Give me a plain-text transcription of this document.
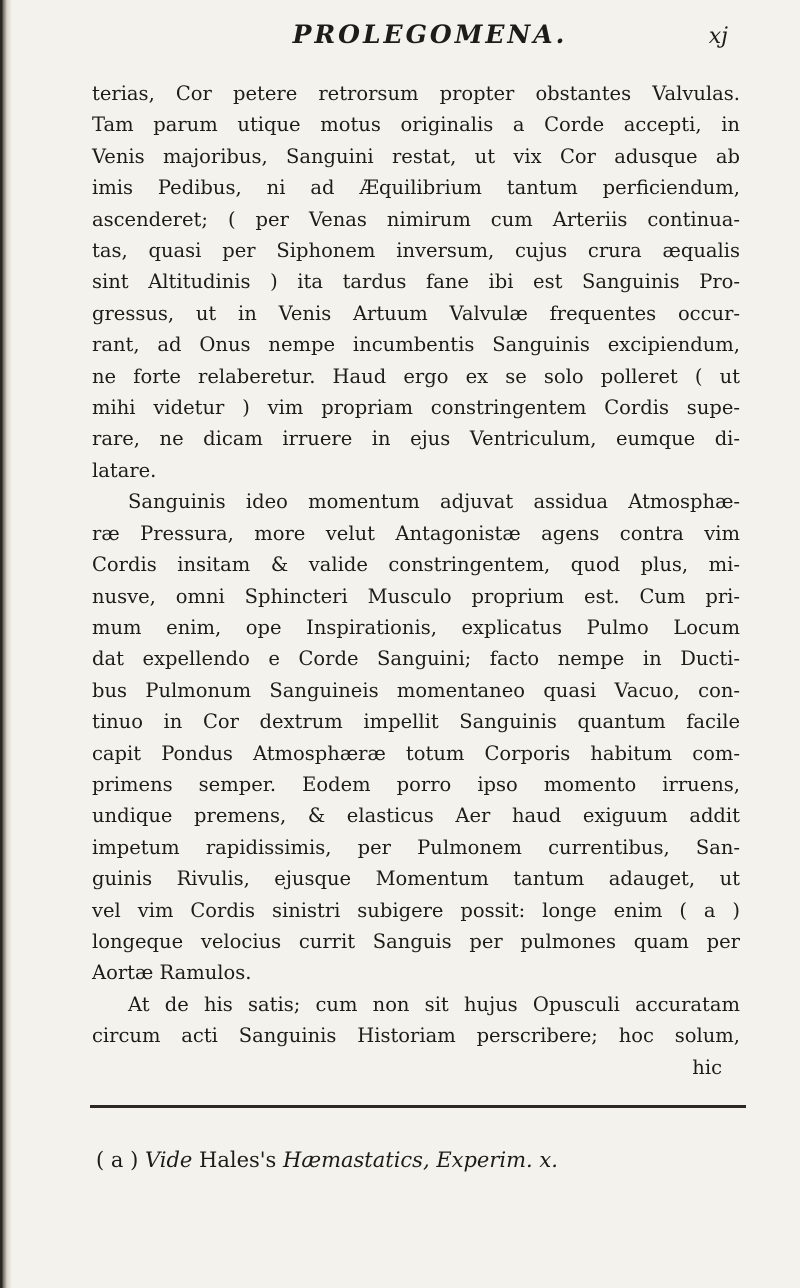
PROLEGOMENA.	xj
terias, Cor petere retrorsum propter obstantes Valvulas.
Tam parum utique motus originalis a Corde accepti, in
Venis majoribus, Sanguini restat, ut vix Cor adusque ab
imis Pedibus, ni ad Æquilibrium tantum perficiendum,
ascenderet; ( per Venas nimirum cum Arteriis continua-
tas, quasi per Siphonem inversum, cujus crura æqualis
sint Altitudinis ) ita tardus fane ibi est Sanguinis Pro-
gressus, ut in Venis Artuum Valvulæ frequentes occur-
rant, ad Onus nempe incumbentis Sanguinis excipiendum,
ne forte relaberetur. Haud ergo ex se solo polleret ( ut
mihi videtur ) vim propriam constringentem Cordis supe-
rare, ne dicam irruere in ejus Ventriculum, eumque di-
latare.
Sanguinis ideo momentum adjuvat assidua Atmosphæ-
ræ Pressura, more velut Antagonistæ agens contra vim
Cordis insitam & valide constringentem, quod plus, mi-
nusve, omni Sphincteri Musculo proprium est. Cum pri-
mum enim, ope Inspirationis, explicatus Pulmo Locum
dat expellendo e Corde Sanguini; facto nempe in Ducti-
bus Pulmonum Sanguineis momentaneo quasi Vacuo, con-
tinuo in Cor dextrum impellit Sanguinis quantum facile
capit Pondus Atmosphæræ totum Corporis habitum com-
primens semper. Eodem porro ipso momento irruens,
undique premens, & elasticus Aer haud exiguum addit
impetum rapidissimis, per Pulmonem currentibus, San-
guinis Rivulis, ejusque Momentum tantum adauget, ut
vel vim Cordis sinistri subigere possit: longe enim ( a )
longeque velocius currit Sanguis per pulmones quam per
Aortæ Ramulos.
At de his satis; cum non sit hujus Opusculi accuratam
circum acti Sanguinis Historiam perscribere; hoc solum,
hic
( a ) Vide Hales's Hæmastatics, Experim. x.
